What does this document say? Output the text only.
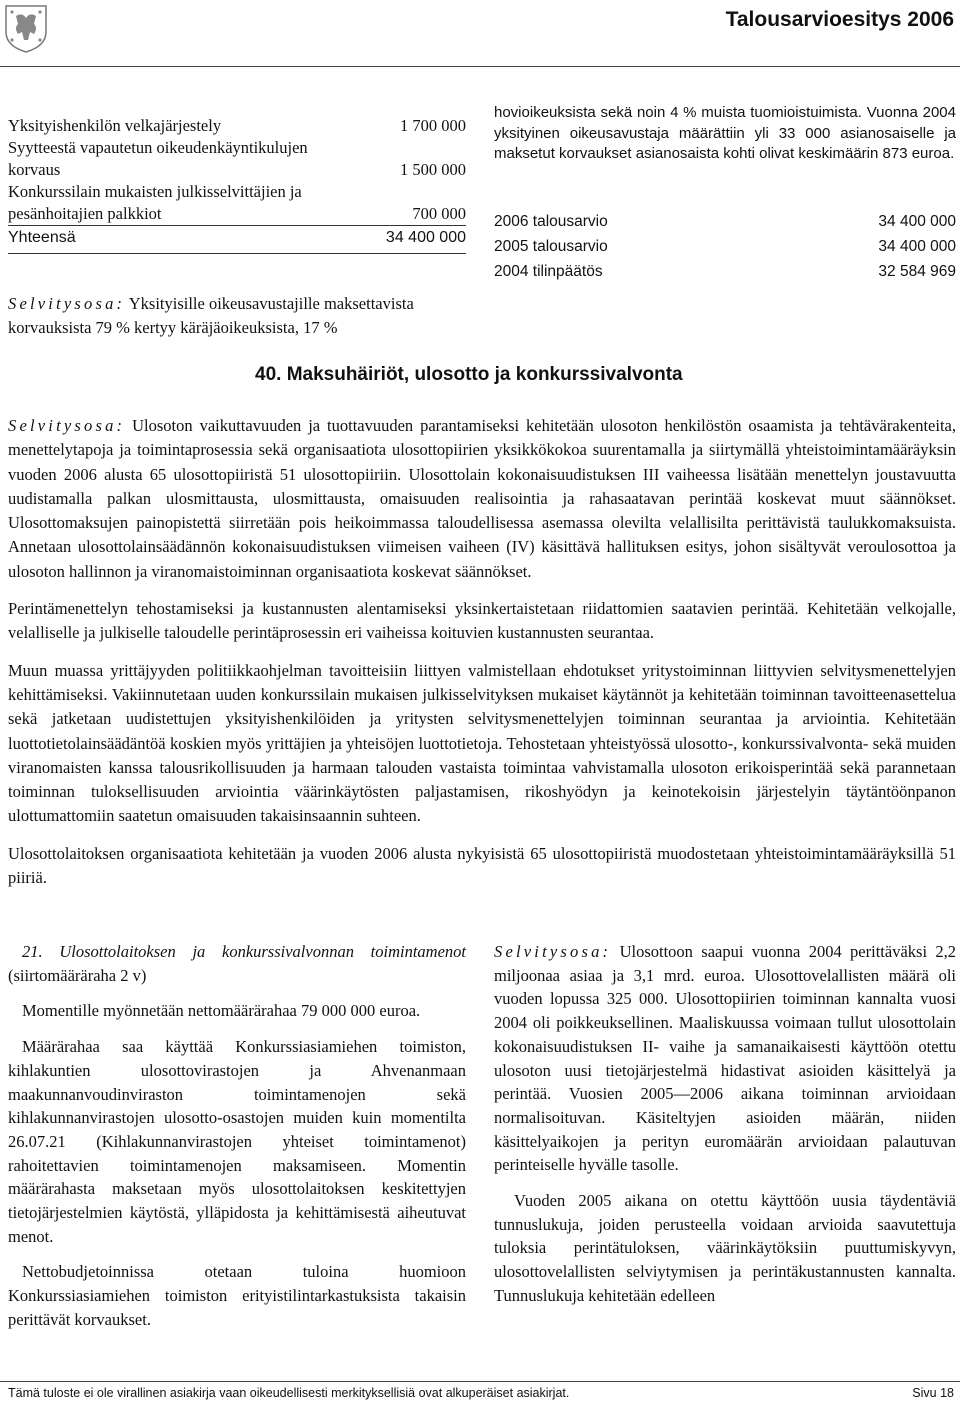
Talousarvioesitys 2006
Yksityishenkilön velkajärjestely	1 700 000
Syytteestä vapautetun oikeudenkäyntikulujen korvaus	1 500 000
Konkurssilain mukaisten julkisselvittäjien ja pesänhoitajien palkkiot	700 000
Yhteensä	34 400 000
Selvitysosa: Yksityisille oikeusavustajille maksettavista korvauksista 79 % kertyy käräjäoikeuksista, 17 %
hovioikeuksista sekä noin 4 % muista tuomioistuimista. Vuonna 2004 yksityinen oikeusavustaja määrättiin yli 33 000 asianosaiselle ja maksetut korvaukset asianosaista kohti olivat keskimäärin 873 euroa.
2006 talousarvio	34 400 000
2005 talousarvio	34 400 000
2004 tilinpäätös	32 584 969
40. Maksuhäiriöt, ulosotto ja konkurssivalvonta

Selvitysosa: Ulosoton vaikuttavuuden ja tuottavuuden parantamiseksi kehitetään ulosoton henkilöstön osaamista ja tehtävärakenteita, menettelytapoja ja toimintaprosessia sekä organisaatiota ulosottopiirien yksikkökokoa suurentamalla ja siirtymällä yhteistoimintamääräyksin vuoden 2006 alusta 65 ulosottopiiristä 51 ulosottopiiriin. Ulosottolain kokonaisuudistuksen III vaiheessa lisätään menettelyn joustavuutta uudistamalla palkan ulosmittausta, ulosmittausta, omaisuuden realisointia ja rahasaatavan perintää koskevat muut säännökset. Ulosottomaksujen painopistettä siirretään pois heikoimmassa taloudellisessa asemassa olevilta velallisilta perittävistä taulukkomaksuista. Annetaan ulosottolainsäädännön kokonaisuudistuksen viimeisen vaiheen (IV) käsittävä hallituksen esitys, johon sisältyvät veroulosottoa ja ulosoton hallinnon ja viranomaistoiminnan organisaatiota koskevat säännökset.

Perintämenettelyn tehostamiseksi ja kustannusten alentamiseksi yksinkertaistetaan riidattomien saatavien perintää. Kehitetään velkojalle, velalliselle ja julkiselle taloudelle perintäprosessin eri vaiheissa koituvien kustannusten seurantaa.

Muun muassa yrittäjyyden politiikkaohjelman tavoitteisiin liittyen valmistellaan ehdotukset yritystoiminnan liittyvien selvitysmenettelyjen kehittämiseksi. Vakiinnutetaan uuden konkurssilain mukaisen julkisselvityksen mukaiset käytännöt ja kehitetään toiminnan tavoitteenasettelua sekä jatketaan uudistettujen yksityishenkilöiden ja yritysten selvitysmenettelyjen toiminnan seurantaa ja arviointia. Kehitetään luottotietolainsäädäntöä koskien myös yrittäjien ja yhteisöjen luottotietoja. Tehostetaan yhteistyössä ulosotto-, konkurssivalvonta- sekä muiden viranomaisten kanssa talousrikollisuuden ja harmaan talouden vastaista toimintaa vahvistamalla ulosoton erikoisperintää sekä parannetaan toiminnan tuloksellisuuden arviointia väärinkäytösten paljastamisen, rikoshyödyn ja keinotekoisin järjestelyin täytäntöönpanon ulottumattomiin saatetun omaisuuden takaisinsaannin suhteen.

Ulosottolaitoksen organisaatiota kehitetään ja vuoden 2006 alusta nykyisistä 65 ulosottopiiristä muodostetaan yhteistoimintamääräyksillä 51 piiriä.

21. Ulosottolaitoksen ja konkurssivalvonnan toimintamenot (siirtomääräraha 2 v)

Momentille myönnetään nettomäärärahaa 79 000 000 euroa.

Määrärahaa saa käyttää Konkurssiasiamiehen toimiston, kihlakuntien ulosottovirastojen ja Ahvenanmaan maakunnanvoudinviraston toimintamenojen sekä kihlakunnanvirastojen ulosotto-osastojen muiden kuin momentilta 26.07.21 (Kihlakunnanvirastojen yhteiset toimintamenot) rahoitettavien toimintamenojen maksamiseen. Momentin määrärahasta maksetaan myös ulosottolaitoksen keskitettyjen tietojärjestelmien käytöstä, ylläpidosta ja kehittämisestä aiheutuvat menot.

Nettobudjetoinnissa otetaan tuloina huomioon Konkurssiasiamiehen toimiston erityistilintarkastuksista takaisin perittävät korvaukset.

Selvitysosa: Ulosottoon saapui vuonna 2004 perittäväksi 2,2 miljoonaa asiaa ja 3,1 mrd. euroa. Ulosottovelallisten määrä oli vuoden lopussa 325 000. Ulosottopiirien toiminnan kannalta vuosi 2004 oli poikkeuksellinen. Maaliskuussa voimaan tullut ulosottolain kokonaisuudistuksen II- vaihe ja samanaikaisesti käyttöön otettu ulosoton uusi tietojärjestelmä hidastivat asioiden käsittelyä ja perintää. Vuosien 2005—2006 aikana toiminnan arvioidaan normalisoituvan. Käsiteltyjen asioiden määrän, niiden käsittelyaikojen ja perityn euromäärän arvioidaan palautuvan perinteiselle hyvälle tasolle.

Vuoden 2005 aikana on otettu käyttöön uusia täydentäviä tunnuslukuja, joiden perusteella voidaan arvioida saavutettuja tuloksia perintätuloksen, väärinkäytöksiin puuttumiskyvyn, ulosottovelallisten selviytymisen ja perintäkustannusten kannalta. Tunnuslukuja kehitetään edelleen

Tämä tuloste ei ole virallinen asiakirja vaan oikeudellisesti merkityksellisiä ovat alkuperäiset asiakirjat.	Sivu 18
